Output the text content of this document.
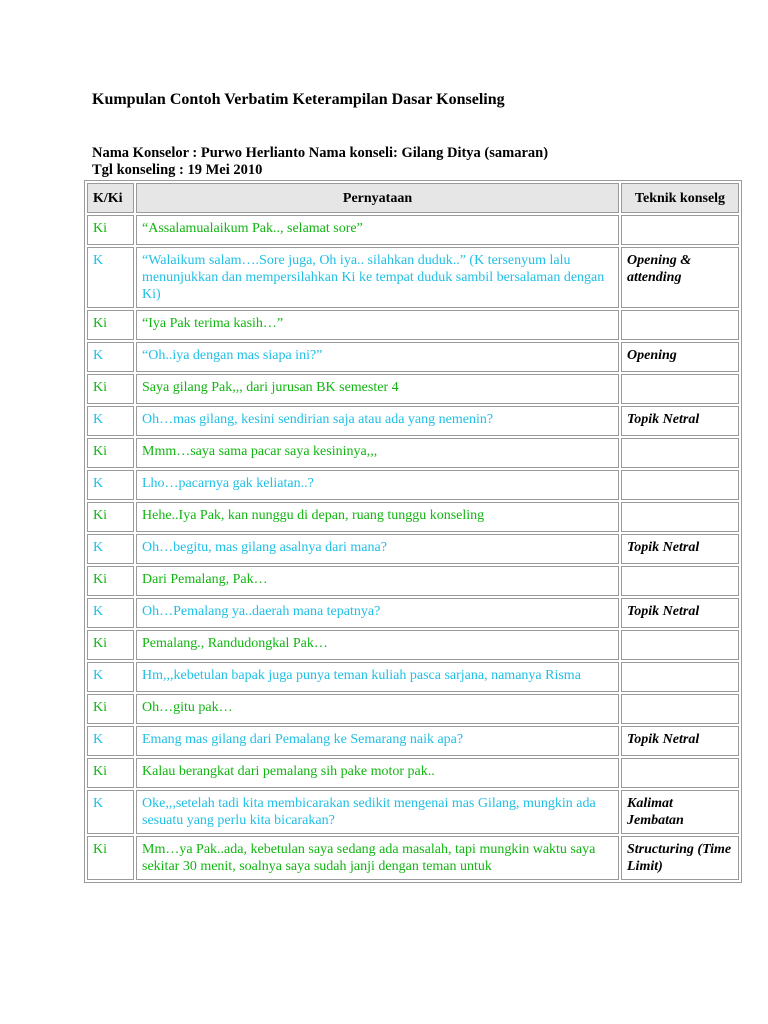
Kumpulan Contoh Verbatim Keterampilan Dasar Konseling
Nama Konselor : Purwo Herlianto Nama konseli: Gilang Ditya (samaran)
Tgl konseling : 19 Mei 2010
K/Ki	Pernyataan	Teknik konselg
Ki	“Assalamualaikum Pak.., selamat sore”	
K	“Walaikum salam….Sore juga, Oh iya.. silahkan duduk..” (K tersenyum lalu menunjukkan dan mempersilahkan Ki ke tempat duduk sambil bersalaman dengan Ki)	Opening & attending
Ki	“Iya Pak terima kasih…”	
K	“Oh..iya dengan mas siapa ini?”	Opening
Ki	Saya gilang Pak,,, dari jurusan BK semester 4	
K	Oh…mas gilang, kesini sendirian saja atau ada yang nemenin?	Topik Netral
Ki	Mmm…saya sama pacar saya kesininya,,,	
K	Lho…pacarnya gak keliatan..?	
Ki	Hehe..Iya Pak, kan nunggu di depan, ruang tunggu konseling	
K	Oh…begitu, mas gilang asalnya dari mana?	Topik Netral
Ki	Dari Pemalang, Pak…	
K	Oh…Pemalang ya..daerah mana tepatnya?	Topik Netral
Ki	Pemalang., Randudongkal Pak…	
K	Hm,,,kebetulan bapak juga punya teman kuliah pasca sarjana, namanya Risma	
Ki	Oh…gitu pak…	
K	Emang mas gilang dari Pemalang ke Semarang naik apa?	Topik Netral
Ki	Kalau berangkat dari pemalang sih pake motor pak..	
K	Oke,,,setelah tadi kita membicarakan sedikit mengenai mas Gilang, mungkin ada sesuatu yang perlu kita bicarakan?	Kalimat Jembatan
Ki	Mm…ya Pak..ada, kebetulan saya sedang ada masalah, tapi mungkin waktu saya sekitar 30 menit, soalnya saya sudah janji dengan teman untuk	Structuring (Time Limit)
